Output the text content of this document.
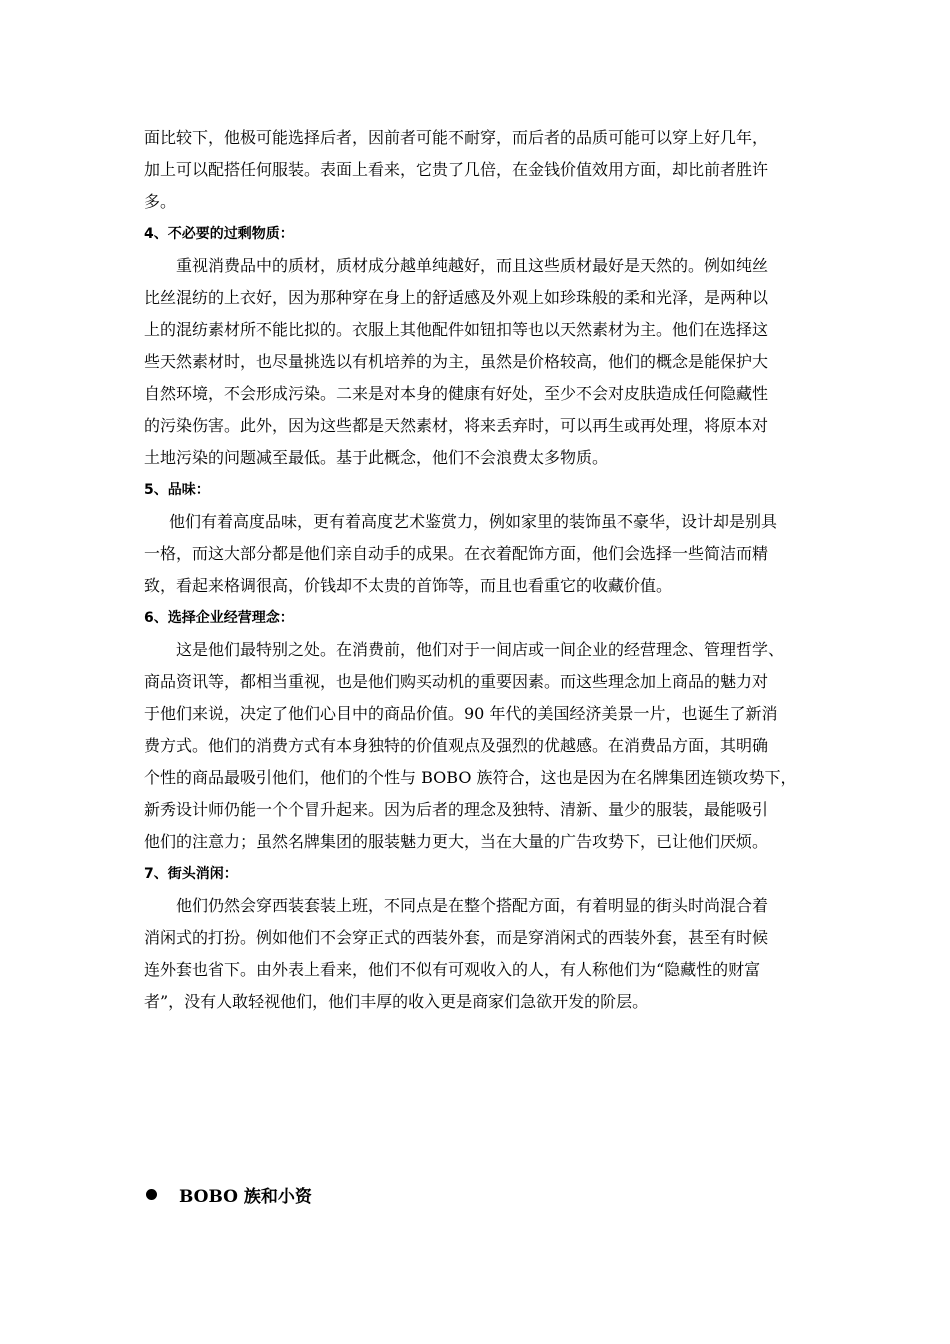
面比较下，他极可能选择后者，因前者可能不耐穿，而后者的品质可能可以穿上好几年，
加上可以配搭任何服装。表面上看来，它贵了几倍，在金钱价值效用方面，却比前者胜许
多。
4、不必要的过剩物质：
重视消费品中的质材，质材成分越单纯越好，而且这些质材最好是天然的。例如纯丝
比丝混纺的上衣好，因为那种穿在身上的舒适感及外观上如珍珠般的柔和光泽，是两种以
上的混纺素材所不能比拟的。衣服上其他配件如钮扣等也以天然素材为主。他们在选择这
些天然素材时，也尽量挑选以有机培养的为主，虽然是价格较高，他们的概念是能保护大
自然环境，不会形成污染。二来是对本身的健康有好处，至少不会对皮肤造成任何隐藏性
的污染伤害。此外，因为这些都是天然素材，将来丢弃时，可以再生或再处理，将原本对
土地污染的问题减至最低。基于此概念，他们不会浪费太多物质。
5、品味：
他们有着高度品味，更有着高度艺术鉴赏力，例如家里的装饰虽不豪华，设计却是别具
一格，而这大部分都是他们亲自动手的成果。在衣着配饰方面，他们会选择一些简洁而精
致，看起来格调很高，价钱却不太贵的首饰等，而且也看重它的收藏价值。
6、选择企业经营理念：
这是他们最特别之处。在消费前，他们对于一间店或一间企业的经营理念、管理哲学、
商品资讯等，都相当重视，也是他们购买动机的重要因素。而这些理念加上商品的魅力对
于他们来说，决定了他们心目中的商品价值。90 年代的美国经济美景一片，也诞生了新消
费方式。他们的消费方式有本身独特的价值观点及强烈的优越感。在消费品方面，其明确
个性的商品最吸引他们，他们的个性与 BOBO 族符合，这也是因为在名牌集团连锁攻势下，
新秀设计师仍能一个个冒升起来。因为后者的理念及独特、清新、量少的服装，最能吸引
他们的注意力；虽然名牌集团的服装魅力更大，当在大量的广告攻势下，已让他们厌烦。
7、街头消闲：
他们仍然会穿西装套装上班，不同点是在整个搭配方面，有着明显的街头时尚混合着
消闲式的打扮。例如他们不会穿正式的西装外套，而是穿消闲式的西装外套，甚至有时候
连外套也省下。由外表上看来，他们不似有可观收入的人，有人称他们为“隐藏性的财富
者”，没有人敢轻视他们，他们丰厚的收入更是商家们急欲开发的阶层。
BOBO 族和小资
